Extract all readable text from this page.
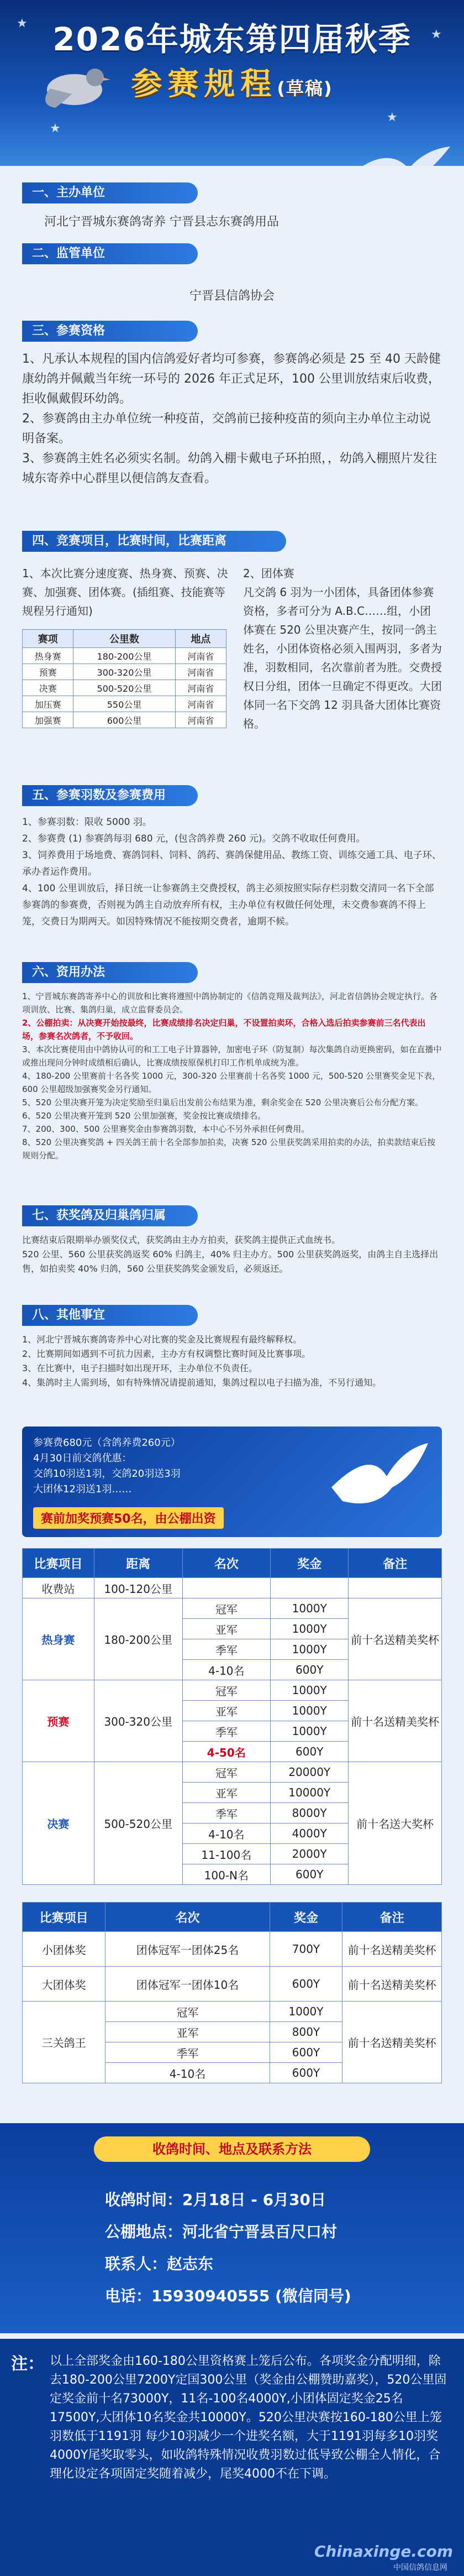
★
★
★
★
2026年城东第四届秋季
参赛规程(草稿)
一、主办单位
河北宁晋城东赛鸽寄养 宁晋县志东赛鸽用品
二、监管单位
宁晋县信鸽协会
三、参赛资格
1、凡承认本规程的国内信鸽爱好者均可参赛，参赛鸽必须是 25 至 40 天龄健康幼鸽并佩戴当年统一环号的 2026 年正式足环，100 公里训放结束后收费，拒收佩戴假环幼鸽。
2、参赛鸽由主办单位统一种疫苗，交鸽前已接种疫苗的须向主办单位主动说明备案。
3、参赛鸽主姓名必须实名制。幼鸽入棚卡戴电子环拍照，，幼鸽入棚照片发往城东寄养中心群里以便信鸽友查看。
四、竞赛项目，比赛时间，比赛距离
1、本次比赛分速度赛、热身赛、预赛、决赛、加强赛、团体赛。(插组赛、技能赛等规程另行通知)
赛项	公里数	地点
热身赛	180-200公里	河南省
预赛	300-320公里	河南省
决赛	500-520公里	河南省
加压赛	550公里	河南省
加强赛	600公里	河南省
2、团体赛
凡交鸽 6 羽为一小团体，具备团体参赛资格，多者可分为 A.B.C……组，小团体赛在 520 公里决赛产生，按同一鸽主姓名，小团体资格必须入围两羽，多者为准，羽数相同，名次靠前者为胜。交费授权日分组，团体一旦确定不得更改。大团体同一名下交鸽 12 羽具备大团体比赛资格。
五、参赛羽数及参赛费用
1、参赛羽数：限收 5000 羽。
2、参赛费 (1) 参赛鸽每羽 680 元，(包含鸽养费 260 元)。交鸽不收取任何费用。
3、饲养费用于场地费、赛鸽饲料、饲料、鸽药、赛鸽保健用品、教练工资、训练交通工具、电子环、承办者运作费用。
4、100 公里训放后，择日统一让参赛鸽主交费授权，鸽主必须按照实际存栏羽数交清同一名下全部参赛鸽的参赛费，否则视为鸽主自动放弃所有权，主办单位有权做任何处理，未交费参赛鸽不得上笼，交费日为期两天。如因特殊情况不能按期交费者，逾期不候。
六、资用办法
1、宁晋城东赛鸽寄养中心的训放和比赛将遵照中鸽协制定的《信鸽竞翔及裁判法》，河北省信鸽协会规定执行。各项训放、比赛、集鸽归巢，成立监督委员会。
2、公棚拍卖：从决赛开始按最终，比赛成绩排名决定归巢，不设置拍卖环，合格入选后拍卖参赛前三名代表出场，参赛名次鸽者，不予收回。
3、本次比赛使用由中鸽协认可的和工工电子计算器钟，加密电子环（防复制）每次集鸽自动更换密码，如在直播中或推出现问分钟时成绩相后确认，比赛成绩按原保机打印工作机单成统为准。
4、180-200 公里赛前十名各奖 1000 元，300-320 公里赛前十名各奖 1000 元，500-520 公里赛奖金见下表，600 公里超级加强赛奖金另行通知。
5、520 公里决赛开笼为决定奖励至归巢后出发前公布结果为准，剩余奖金在 520 公里决赛后公布分配方案。
6、520 公里决赛开笼到 520 公里加强赛，奖金按比赛成绩排名。
7、200、300、500 公里赛奖金由参赛鸽羽数，本中心不另外承担任何费用。
8、520 公里决赛奖鸽 + 四关鸽王前十名全部参加拍卖，决赛 520 公里获奖鸽采用拍卖的办法，拍卖款结束后按规则分配。
七、获奖鸽及归巢鸽归属
比赛结束后限期举办颁奖仪式，获奖鸽由主办方拍卖，获奖鸽主提供正式血统书。
520 公里、560 公里获奖鸽返奖 60% 归鸽主，40% 归主办方。500 公里获奖鸽返奖，由鸽主自主选择出售，如拍卖奖 40% 归鸽，560 公里获奖鸽奖金颁发后，必须返还。
八、其他事宜
1、河北宁晋城东赛鸽寄养中心对比赛的奖金及比赛规程有最终解释权。
2、比赛期间如遇到不可抗力因素，主办方有权调整比赛时间及比赛事项。
3、在比赛中，电子扫描时如出现开环，主办单位不负责任。
4、集鸽时主人需到场，如有特殊情况请提前通知，集鸽过程以电子扫描为准，不另行通知。
参赛费680元（含鸽养费260元）
4月30日前交鸽优惠：
交鸽10羽送1羽，交鸽20羽送3羽
大团体12羽送1羽……
赛前加奖预赛50名，由公棚出资
比赛项目	距离	名次	奖金	备注
收费站	100-120公里			
热身赛	180-200公里	冠军	1000Y	前十名送精美奖杯
		亚军	1000Y	
		季军	1000Y	
		4-10名	600Y	
预赛	300-320公里	冠军	1000Y	前十名送精美奖杯
		亚军	1000Y	
		季军	1000Y	
		4-50名	600Y	
决赛	500-520公里	冠军	20000Y	前十名送大奖杯
		亚军	10000Y	
		季军	8000Y	
		4-10名	4000Y	
		11-100名	2000Y	
		100-N名	600Y	
比赛项目	名次	奖金	备注
小团体奖	团体冠军一团体25名	700Y	前十名送精美奖杯
大团体奖	团体冠军一团体10名	600Y	前十名送精美奖杯
三关鸽王	冠军	1000Y	前十名送精美奖杯
	亚军	800Y	
	季军	600Y	
	4-10名	600Y	
收鸽时间、地点及联系方法
收鸽时间：2月18日 - 6月30日
公棚地点：河北省宁晋县百尺口村
联系人：赵志东
电话：15930940555 (微信同号)
注： 以上全部奖金由160-180公里资格赛上笼后公布。各项奖金分配明细，除去180-200公里7200Y定国300公里（奖金由公棚赞助嘉奖），520公里固定奖金前十名73000Y，11名-100名4000Y,小团体固定奖金25名17500Y,大团体10名奖金共10000Y。520公里决赛按160-180公里上笼羽数低于1191羽 每少10羽减少一个进奖名额，大于1191羽每多10羽奖4000Y尾奖取零头，如收鸽特殊情况收费羽数过低导致公棚全人情化，合理化设定各项固定奖随着减少，尾奖4000不在下调。
Chinaxinge.com
中国信鸽信息网
